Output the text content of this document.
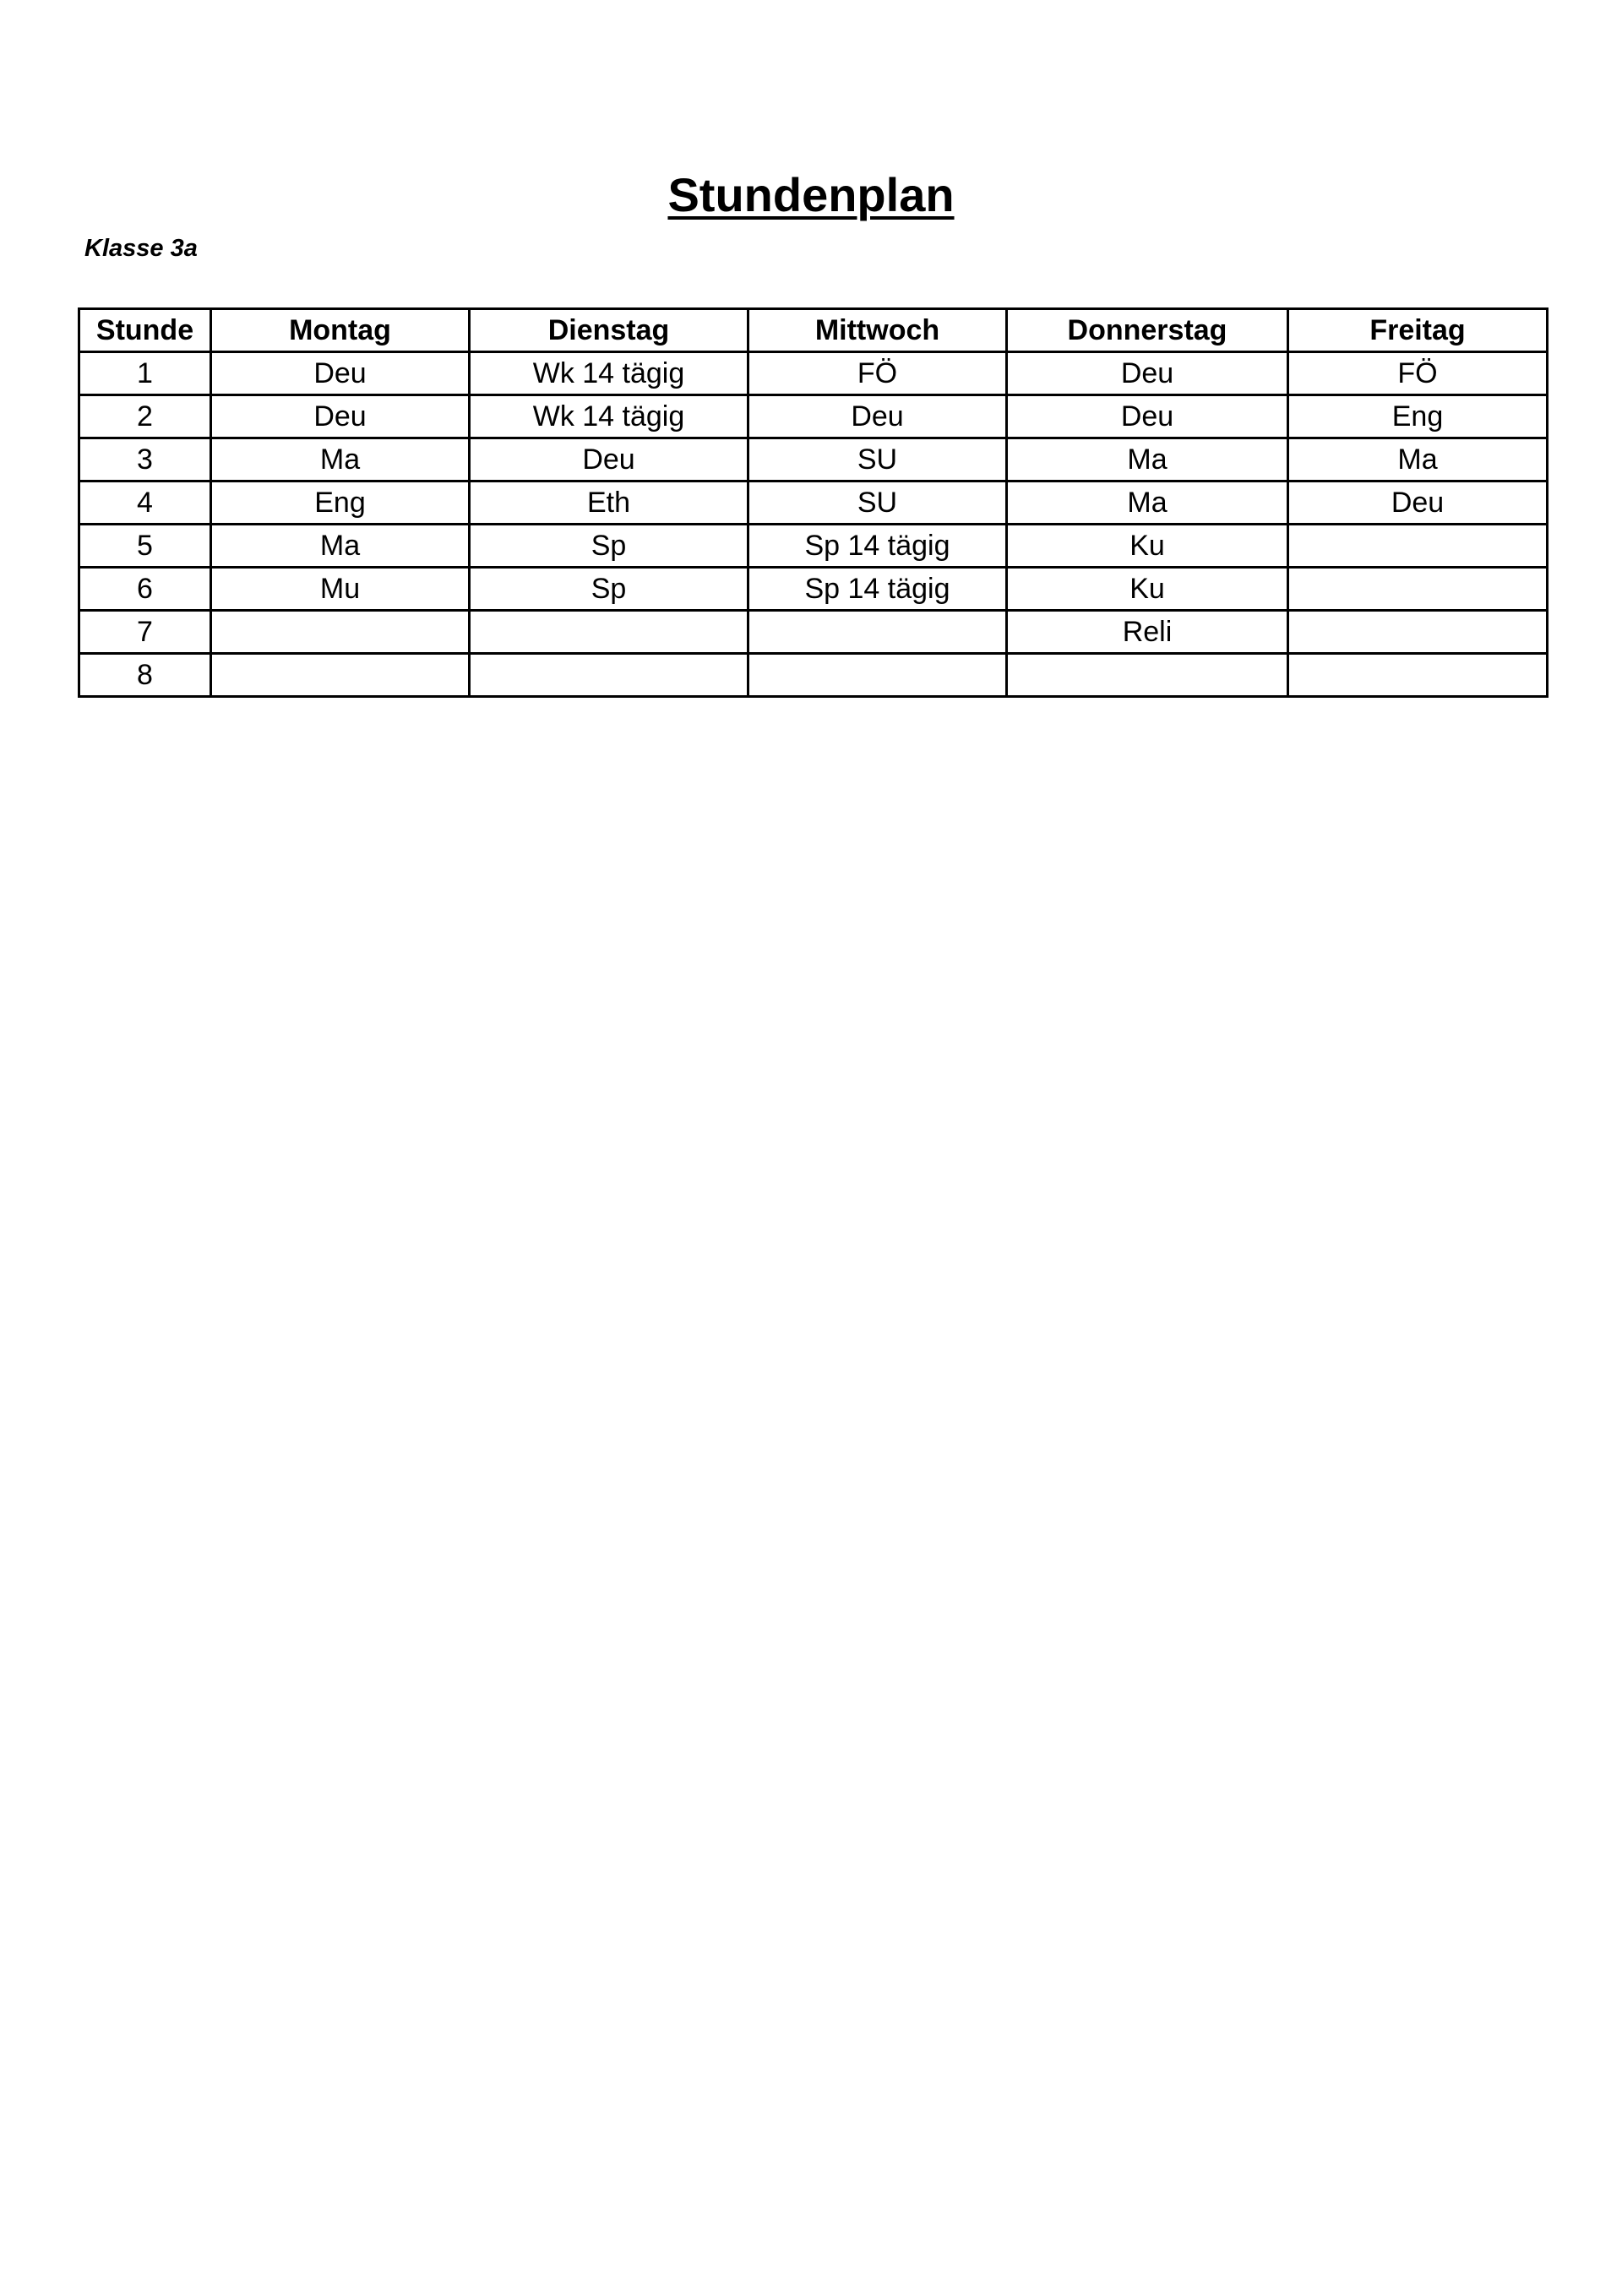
Stundenplan
Klasse 3a
Stunde	Montag	Dienstag	Mittwoch	Donnerstag	Freitag
1	Deu	Wk 14 tägig	FÖ	Deu	FÖ
2	Deu	Wk 14 tägig	Deu	Deu	Eng
3	Ma	Deu	SU	Ma	Ma
4	Eng	Eth	SU	Ma	Deu
5	Ma	Sp	Sp 14 tägig	Ku	
6	Mu	Sp	Sp 14 tägig	Ku	
7				Reli	
8					
